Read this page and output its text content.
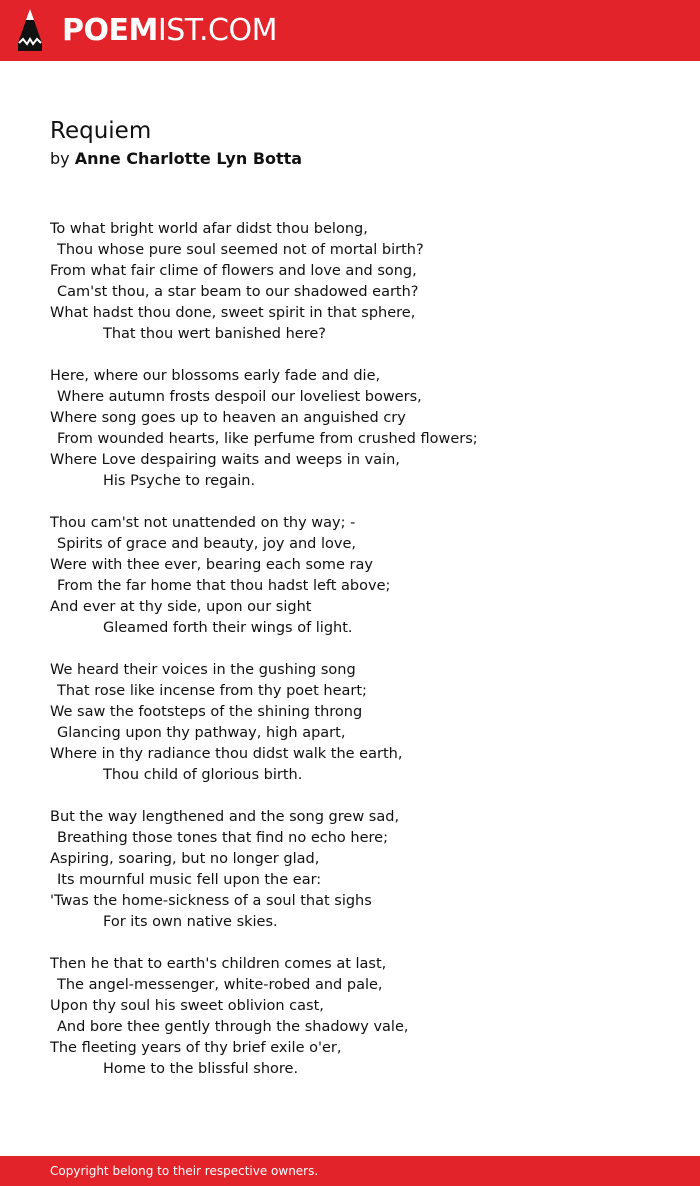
POEMIST.COM
Requiem
by Anne Charlotte Lyn Botta
To what bright world afar didst thou belong,
Thou whose pure soul seemed not of mortal birth?
From what fair clime of flowers and love and song,
Cam'st thou, a star beam to our shadowed earth?
What hadst thou done, sweet spirit in that sphere,
That thou wert banished here?
Here, where our blossoms early fade and die,
Where autumn frosts despoil our loveliest bowers,
Where song goes up to heaven an anguished cry
From wounded hearts, like perfume from crushed flowers;
Where Love despairing waits and weeps in vain,
His Psyche to regain.
Thou cam'st not unattended on thy way; -
Spirits of grace and beauty, joy and love,
Were with thee ever, bearing each some ray
From the far home that thou hadst left above;
And ever at thy side, upon our sight
Gleamed forth their wings of light.
We heard their voices in the gushing song
That rose like incense from thy poet heart;
We saw the footsteps of the shining throng
Glancing upon thy pathway, high apart,
Where in thy radiance thou didst walk the earth,
Thou child of glorious birth.
But the way lengthened and the song grew sad,
Breathing those tones that find no echo here;
Aspiring, soaring, but no longer glad,
Its mournful music fell upon the ear:
'Twas the home-sickness of a soul that sighs
For its own native skies.
Then he that to earth's children comes at last,
The angel-messenger, white-robed and pale,
Upon thy soul his sweet oblivion cast,
And bore thee gently through the shadowy vale,
The fleeting years of thy brief exile o'er,
Home to the blissful shore.
Copyright belong to their respective owners.
